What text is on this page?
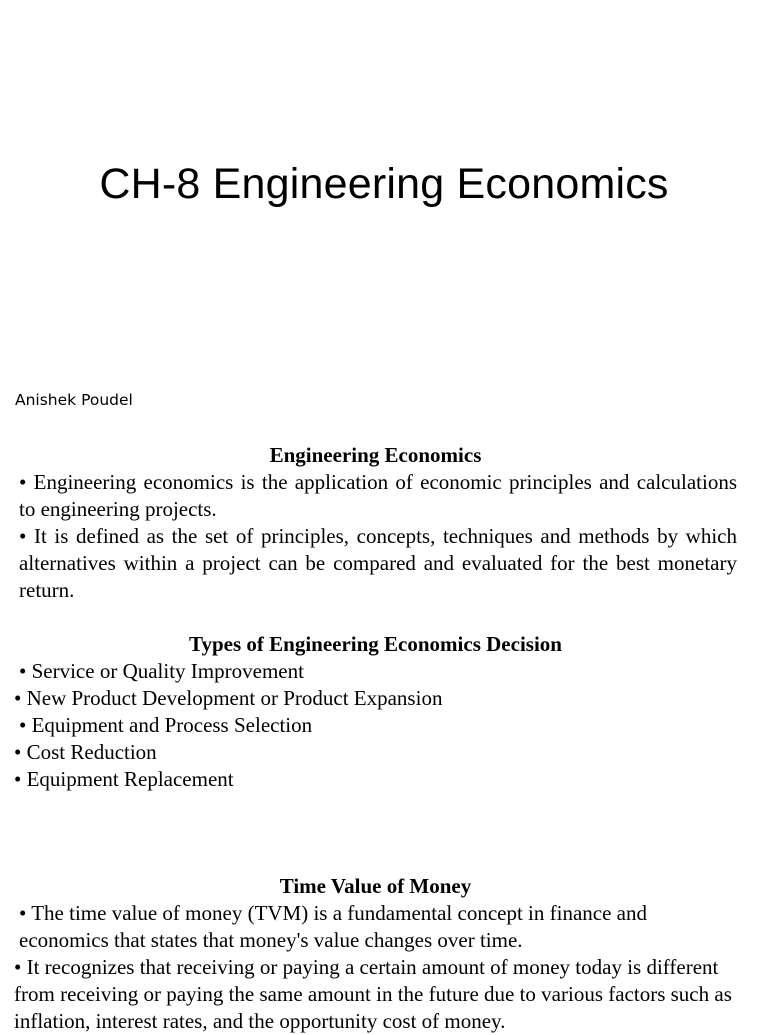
CH-8 Engineering Economics

Anishek Poudel

Engineering Economics

• Engineering economics is the application of economic principles and calculations to engineering projects.

• It is defined as the set of principles, concepts, techniques and methods by which alternatives within a project can be compared and evaluated for the best monetary return.

Types of Engineering Economics Decision

• Service or Quality Improvement

• New Product Development or Product Expansion

• Equipment and Process Selection

• Cost Reduction

• Equipment Replacement

Time Value of Money

• The time value of money (TVM) is a fundamental concept in finance and economics that states that money's value changes over time.

• It recognizes that receiving or paying a certain amount of money today is different from receiving or paying the same amount in the future due to various factors such as inflation, interest rates, and the opportunity cost of money.
